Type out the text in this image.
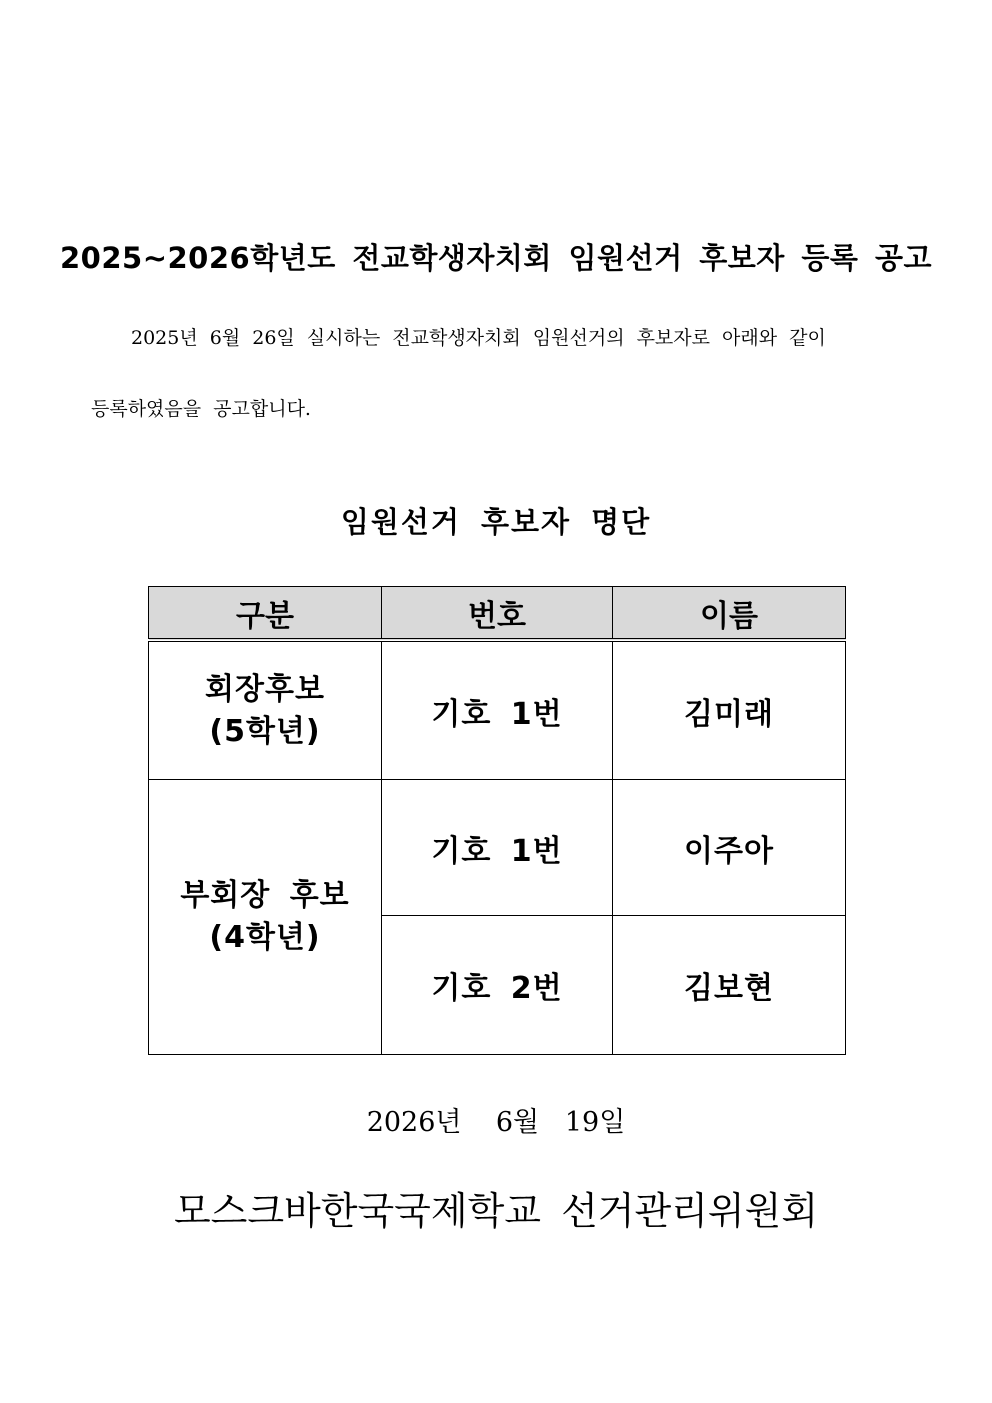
2025~2026학년도 전교학생자치회 임원선거 후보자 등록 공고
2025년 6월 26일 실시하는 전교학생자치회 임원선거의 후보자로 아래와 같이
등록하였음을 공고합니다.
임원선거 후보자 명단
구분	번호	이름

회장후보
(5학년)	기호 1번	김미래

부회장 후보
(4학년)	기호 1번	이주아
	기호 2번	김보현
2026년    6월   19일
모스크바한국국제학교 선거관리위원회
